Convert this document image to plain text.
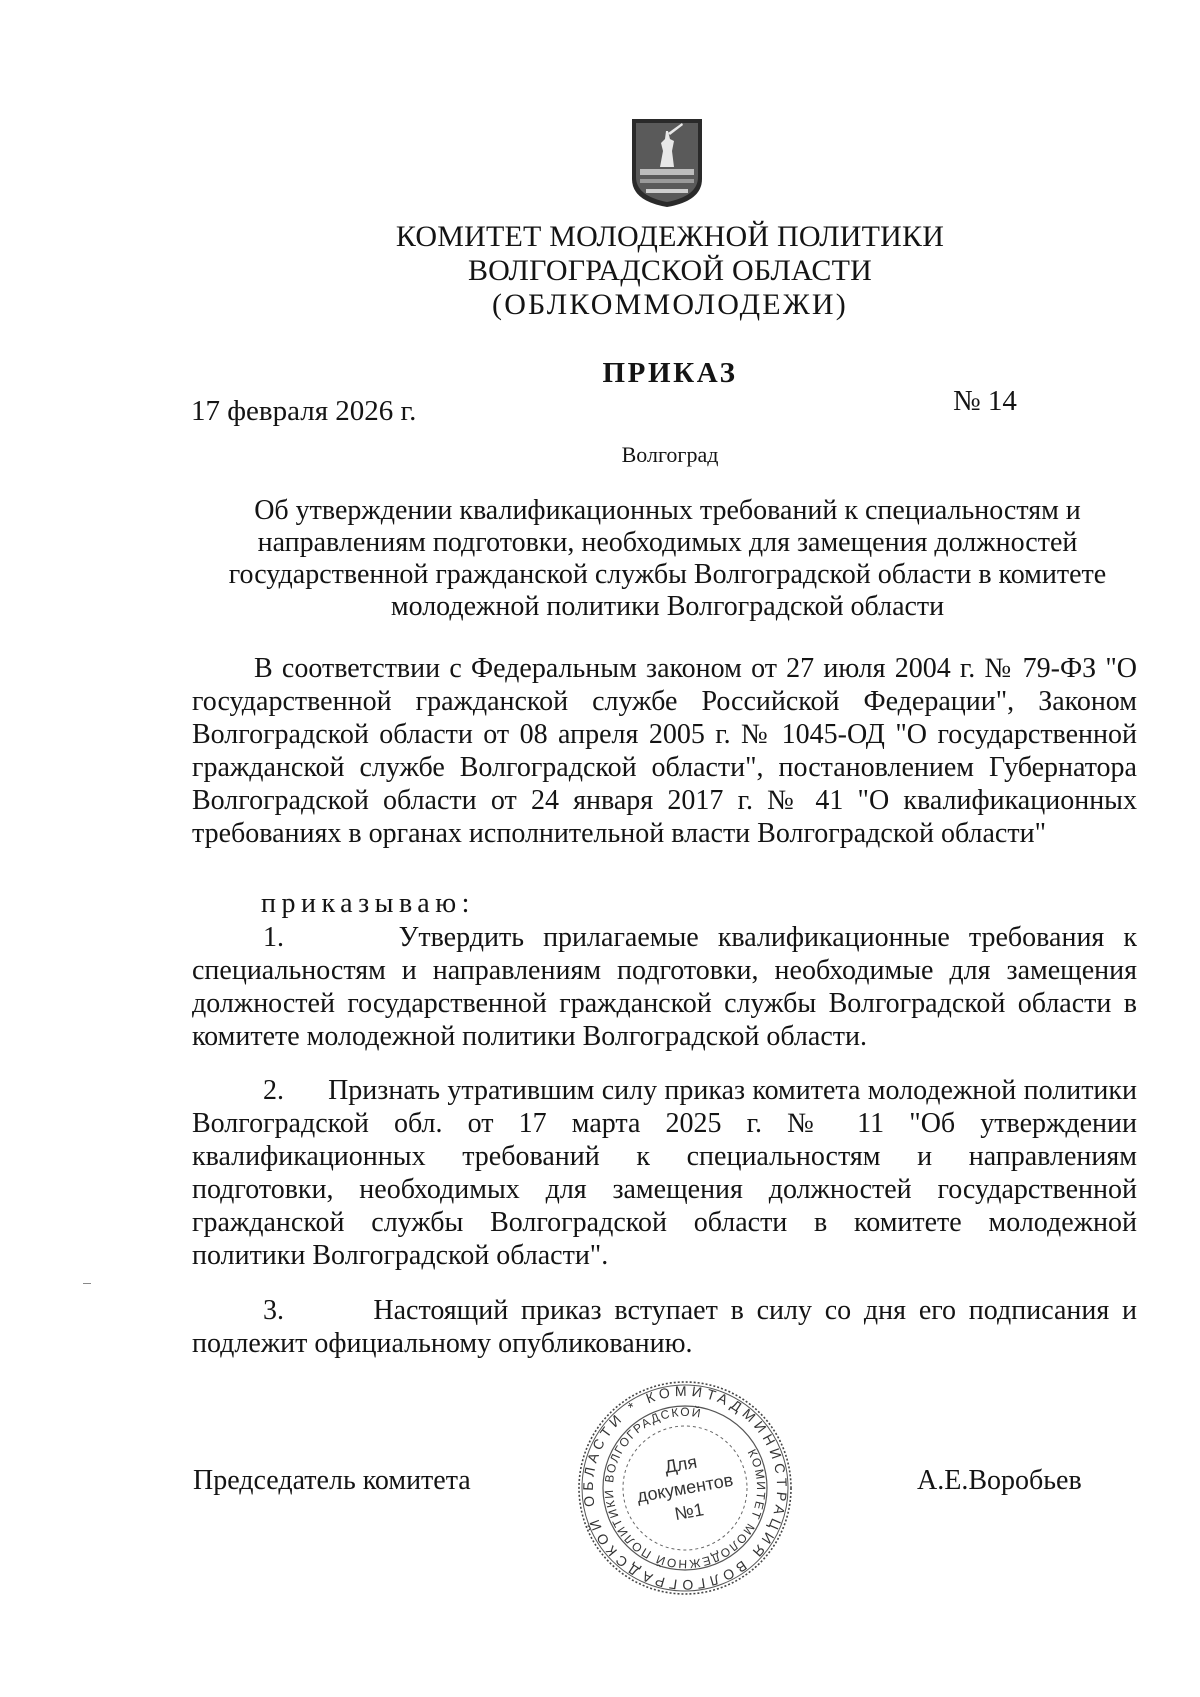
КОМИТЕТ МОЛОДЕЖНОЙ ПОЛИТИКИ
ВОЛГОГРАДСКОЙ ОБЛАСТИ
(ОБЛКОММОЛОДЕЖИ)
ПРИКАЗ
17 февраля 2026 г.	№ 14
Волгоград
Об утверждении квалификационных требований к специальностям и
направлениям подготовки, необходимых для замещения должностей
государственной гражданской службы Волгоградской области в комитете
молодежной политики Волгоградской области
В соответствии с Федеральным законом от 27 июля 2004 г. № 79-ФЗ "О государственной гражданской службе Российской Федерации", Законом Волгоградской области от 08 апреля 2005 г. № 1045-ОД "О государственной гражданской службе Волгоградской области", постановлением Губернатора Волгоградской области от 24 января 2017 г. № 41 "О квалификационных требованиях в органах исполнительной власти Волгоградской области"
приказываю:
1.      Утвердить прилагаемые квалификационные требования к специальностям и направлениям подготовки, необходимые для замещения должностей государственной гражданской службы Волгоградской области в комитете молодежной политики Волгоградской области.
2.      Признать утратившим силу приказ комитета молодежной политики Волгоградской обл. от 17 марта 2025 г. № 11 "Об утверждении квалификационных требований к специальностям и направлениям подготовки, необходимых для замещения должностей государственной гражданской службы Волгоградской области в комитете молодежной политики Волгоградской области".
3.       Настоящий приказ вступает в силу со дня его подписания и подлежит официальному опубликованию.
Председатель комитета
АДМИНИСТРАЦИЯ ВОЛГОГРАДСКОЙ ОБЛАСТИ * КОМИТЕТ
КОМИТЕТ МОЛОДЕЖНОЙ ПОЛИТИКИ ВОЛГОГРАДСКОЙ
Для
документов
№1
А.Е.Воробьев
